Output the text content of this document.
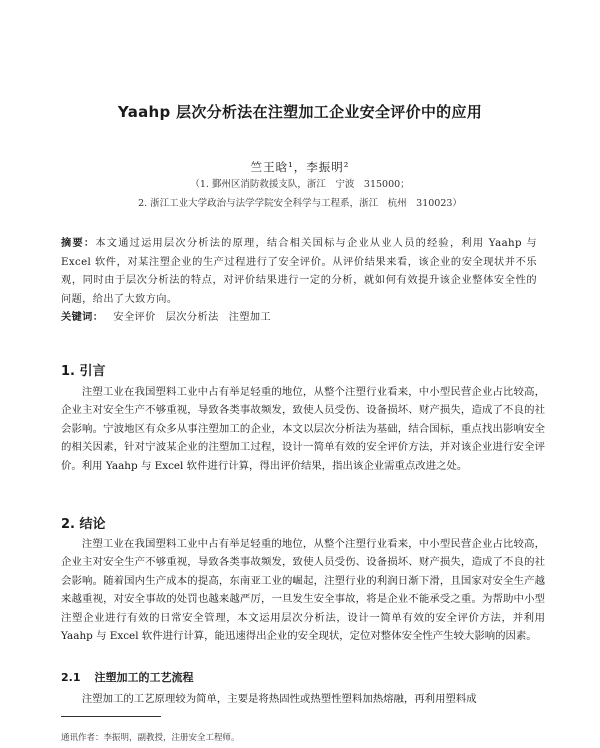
Yaahp 层次分析法在注塑加工企业安全评价中的应用
竺王晗¹，李振明²
（1. 鄞州区消防救援支队，浙江　宁波　315000；
2. 浙江工业大学政治与法学学院安全科学与工程系，浙江　杭州　310023）
摘要：本文通过运用层次分析法的原理，结合相关国标与企业从业人员的经验，利用 Yaahp 与 Excel 软件，对某注塑企业的生产过程进行了安全评价。从评价结果来看，该企业的安全现状并不乐观，同时由于层次分析法的特点，对评价结果进行一定的分析，就如何有效提升该企业整体安全性的问题，给出了大致方向。
关键词： 安全评价 层次分析法 注塑加工
1. 引言
注塑工业在我国塑料工业中占有举足轻重的地位，从整个注塑行业看来，中小型民营企业占比较高，企业主对安全生产不够重视，导致各类事故频发，致使人员受伤、设备损坏、财产损失，造成了不良的社会影响。宁波地区有众多从事注塑加工的企业，本文以层次分析法为基础，结合国标，重点找出影响安全的相关因素，针对宁波某企业的注塑加工过程，设计一简单有效的安全评价方法，并对该企业进行安全评价。利用 Yaahp 与 Excel 软件进行计算，得出评价结果，指出该企业需重点改进之处。
2. 结论
注塑工业在我国塑料工业中占有举足轻重的地位，从整个注塑行业看来，中小型民营企业占比较高，企业主对安全生产不够重视，导致各类事故频发，致使人员受伤、设备损坏、财产损失，造成了不良的社会影响。随着国内生产成本的提高，东南亚工业的崛起，注塑行业的利润日渐下滑，且国家对安全生产越来越重视，对安全事故的处罚也越来越严厉，一旦发生安全事故，将是企业不能承受之重。为帮助中小型注塑企业进行有效的日常安全管理，本文运用层次分析法，设计一简单有效的安全评价方法，并利用 Yaahp 与 Excel 软件进行计算，能迅速得出企业的安全现状，定位对整体安全性产生较大影响的因素。
2.1 注塑加工的工艺流程
注塑加工的工艺原理较为简单，主要是将热固性或热塑性塑料加热熔融，再利用塑料成
通讯作者：李振明，副教授，注册安全工程师。
